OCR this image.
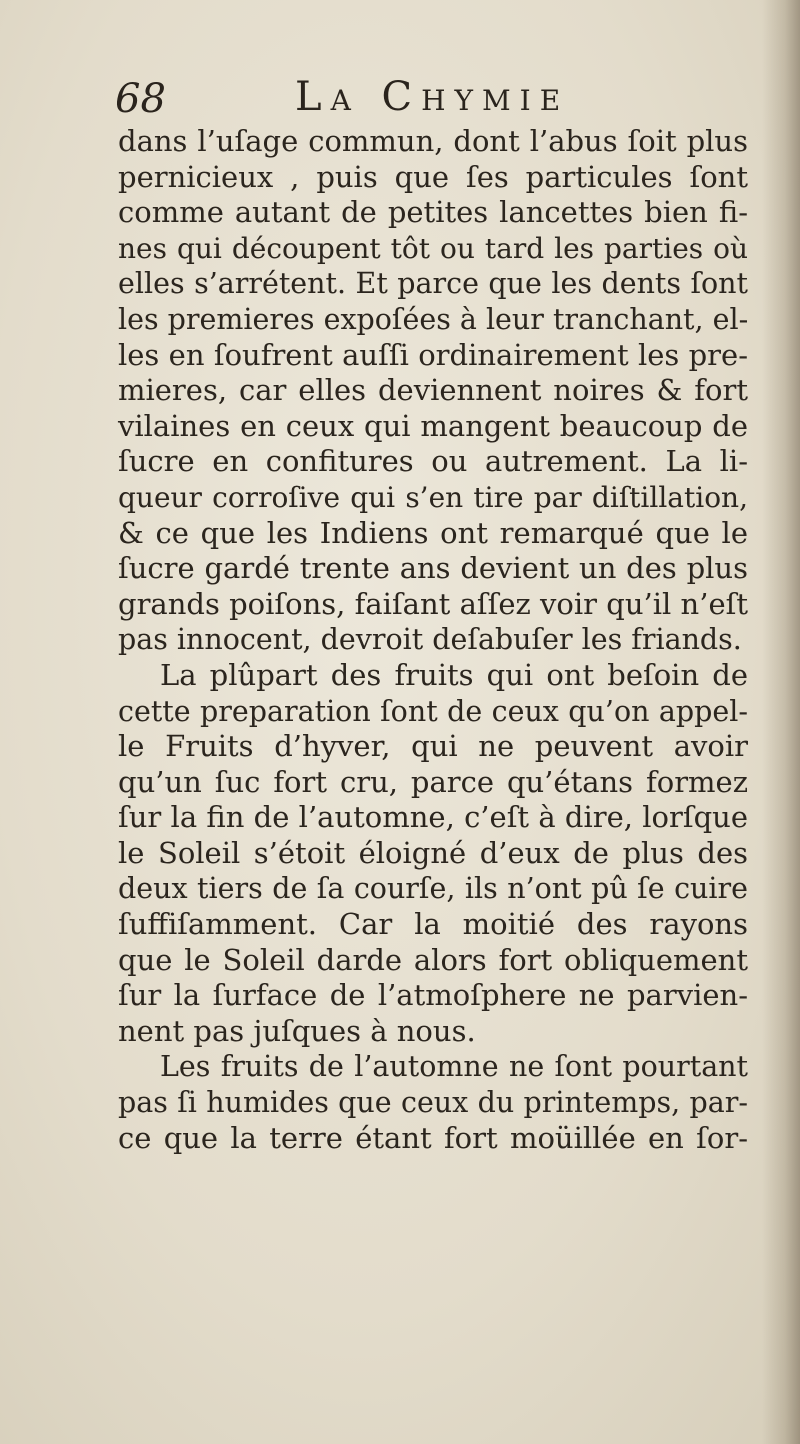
68	La Chymie
dans l’uſage commun, dont l’abus ſoit plus
pernicieux , puis que ſes particules ſont
comme autant de petites lancettes bien fi-
nes qui découpent tôt ou tard les parties où
elles s’arrétent. Et parce que les dents ſont
les premieres expoſées à leur tranchant, el-
les en ſoufrent auſſi ordinairement les pre-
mieres, car elles deviennent noires & fort
vilaines en ceux qui mangent beaucoup de
ſucre en confitures ou autrement. La li-
queur corroſive qui s’en tire par diſtillation,
& ce que les Indiens ont remarqué que le
ſucre gardé trente ans devient un des plus
grands poiſons, faiſant aſſez voir qu’il n’eſt
pas innocent, devroit deſabuſer les friands.
La plûpart des fruits qui ont beſoin de
cette preparation ſont de ceux qu’on appel-
le Fruits d’hyver, qui ne peuvent avoir
qu’un ſuc fort cru, parce qu’étans formez
ſur la fin de l’automne, c’eſt à dire, lorſque
le Soleil s’étoit éloigné d’eux de plus des
deux tiers de ſa courſe, ils n’ont pû ſe cuire
ſuffiſamment. Car la moitié des rayons
que le Soleil darde alors fort obliquement
ſur la ſurface de l’atmoſphere ne parvien-
nent pas juſques à nous.
Les fruits de l’automne ne ſont pourtant
pas ſi humides que ceux du printemps, par-
ce que la terre étant fort moüillée en ſor-
